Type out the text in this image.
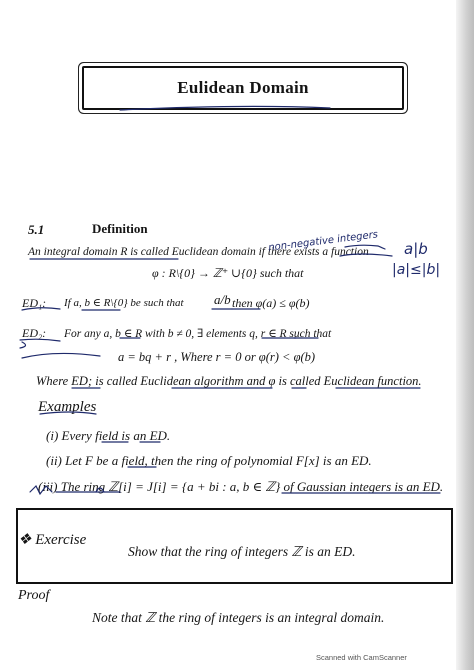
Eulidean Domain
5.1	Definition
An integral domain R is called Euclidean domain if there exists a function
non-negative integers a|b
|a|≤|b|
φ : R\{0} → ℤ⁺ ∪{0} such that
ED₁: If a, b ∈ R\{0} be such that a/b then φ(a) ≤ φ(b)
ED₂: For any a, b ∈ R with b ≠ 0, ∃ elements q, r ∈ R such that
a = bq + r , Where r = 0 or φ(r) < φ(b)
Where ED; is called Euclidean algorithm and φ is called Euclidean function.
Examples
(i) Every field is an ED.
(ii) Let F be a field, then the ring of polynomial F[x] is an ED.
(iii) The ring ℤ[i] = J[i] = {a + bi : a, b ∈ ℤ} of Gaussian integers is an ED.
❖ Exercise
Show that the ring of integers ℤ is an ED.
Proof
Note that ℤ the ring of integers is an integral domain.
Scanned with CamScanner
